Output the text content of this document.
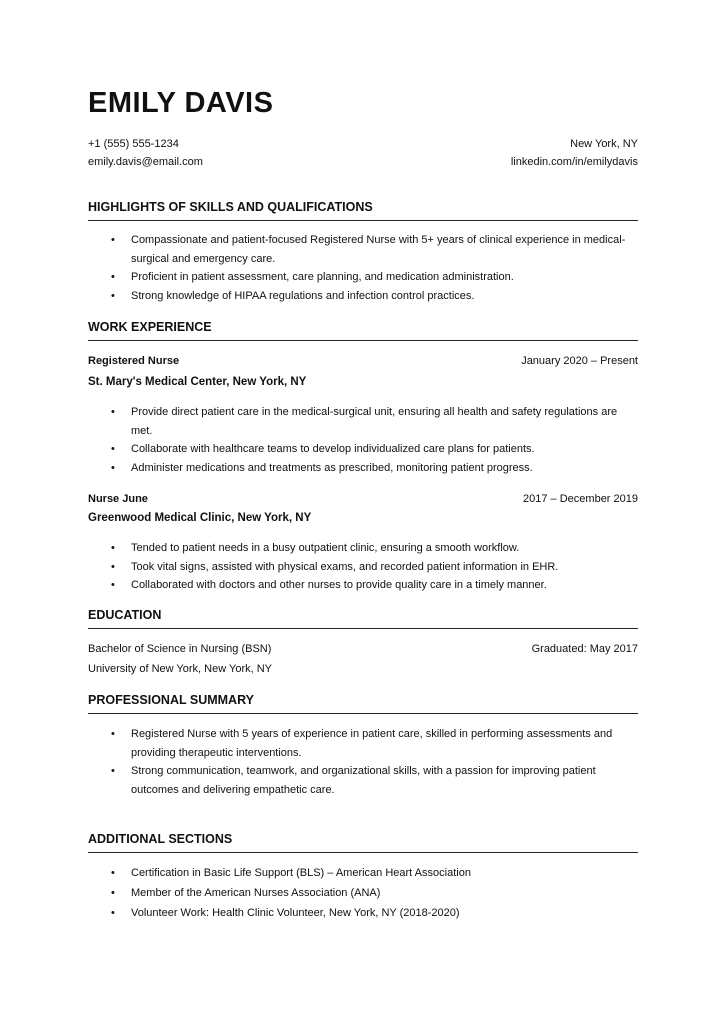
EMILY DAVIS
+1 (555) 555-1234	New York, NY
emily.davis@email.com	linkedin.com/in/emilydavis
HIGHLIGHTS OF SKILLS AND QUALIFICATIONS
• Compassionate and patient-focused Registered Nurse with 5+ years of clinical experience in medical-surgical and emergency care.
• Proficient in patient assessment, care planning, and medication administration.
• Strong knowledge of HIPAA regulations and infection control practices.
WORK EXPERIENCE
Registered Nurse	January 2020 – Present
St. Mary's Medical Center, New York, NY
• Provide direct patient care in the medical-surgical unit, ensuring all health and safety regulations are met.
• Collaborate with healthcare teams to develop individualized care plans for patients.
• Administer medications and treatments as prescribed, monitoring patient progress.
Nurse June	2017 – December 2019
Greenwood Medical Clinic, New York, NY
• Tended to patient needs in a busy outpatient clinic, ensuring a smooth workflow.
• Took vital signs, assisted with physical exams, and recorded patient information in EHR.
• Collaborated with doctors and other nurses to provide quality care in a timely manner.
EDUCATION
Bachelor of Science in Nursing (BSN)	Graduated: May 2017
University of New York, New York, NY
PROFESSIONAL SUMMARY
• Registered Nurse with 5 years of experience in patient care, skilled in performing assessments and providing therapeutic interventions.
• Strong communication, teamwork, and organizational skills, with a passion for improving patient outcomes and delivering empathetic care.
ADDITIONAL SECTIONS
• Certification in Basic Life Support (BLS) – American Heart Association
• Member of the American Nurses Association (ANA)
• Volunteer Work: Health Clinic Volunteer, New York, NY (2018-2020)
